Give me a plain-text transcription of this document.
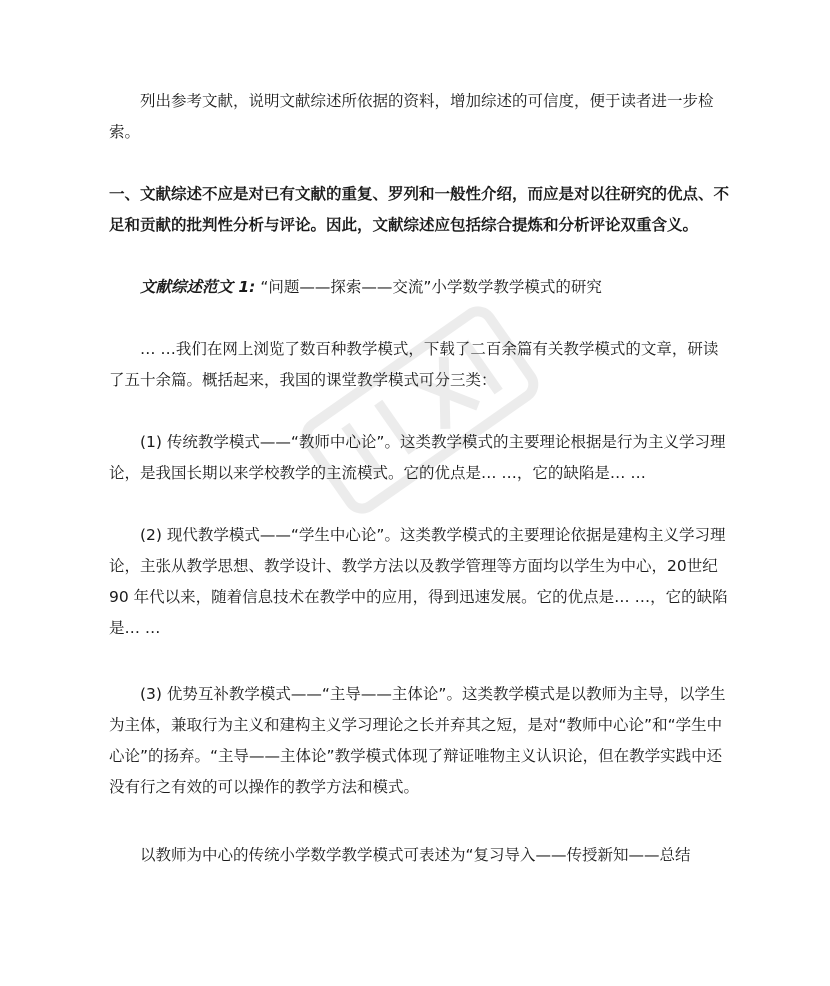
列出参考文献，说明文献综述所依据的资料，增加综述的可信度，便于读者进一步检索。

一、文献综述不应是对已有文献的重复、罗列和一般性介绍，而应是对以往研究的优点、不足和贡献的批判性分析与评论。因此，文献综述应包括综合提炼和分析评论双重含义。

文献综述范文 1: “问题——探索——交流”小学数学教学模式的研究

… …我们在网上浏览了数百种教学模式，下载了二百余篇有关教学模式的文章，研读了五十余篇。概括起来，我国的课堂教学模式可分三类：

(1) 传统教学模式——“教师中心论”。这类教学模式的主要理论根据是行为主义学习理论，是我国长期以来学校教学的主流模式。它的优点是… …，它的缺陷是… …

(2) 现代教学模式——“学生中心论”。这类教学模式的主要理论依据是建构主义学习理论，主张从教学思想、教学设计、教学方法以及教学管理等方面均以学生为中心，20世纪 90 年代以来，随着信息技术在教学中的应用，得到迅速发展。它的优点是… …，它的缺陷是… …

(3) 优势互补教学模式——“主导——主体论”。这类教学模式是以教师为主导，以学生为主体，兼取行为主义和建构主义学习理论之长并弃其之短，是对“教师中心论”和“学生中心论”的扬弃。“主导——主体论”教学模式体现了辩证唯物主义认识论，但在教学实践中还没有行之有效的可以操作的教学方法和模式。

以教师为中心的传统小学数学教学模式可表述为“复习导入——传授新知——总结
